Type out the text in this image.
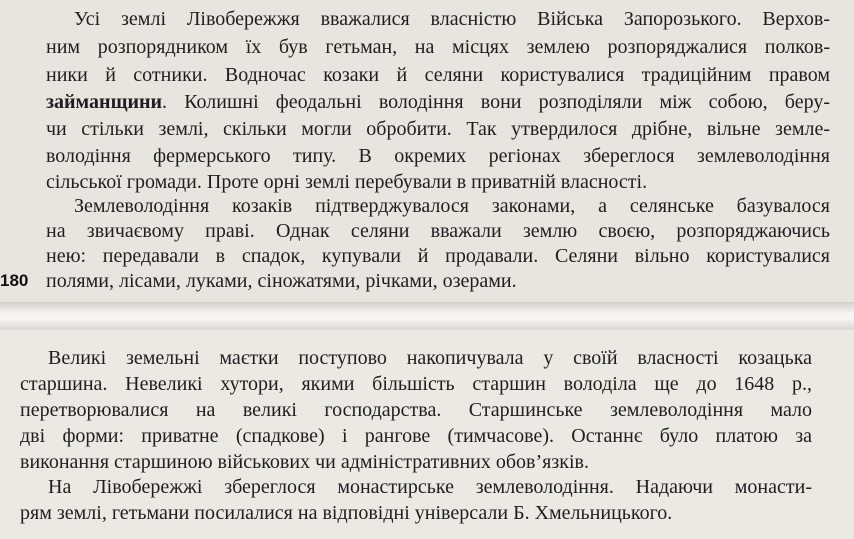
Усі землі Лівобережжя вважалися власністю Війська Запорозького. Верхов-
ним розпорядником їх був гетьман, на місцях землею розпоряджалися полков-
ники й сотники. Водночас козаки й селяни користувалися традиційним правом
займанщини. Колишні феодальні володіння вони розподіляли між собою, беру-
чи стільки землі, скільки могли обробити. Так утвердилося дрібне, вільне земле-
володіння фермерського типу. В окремих регіонах збереглося землеволодіння
сільської громади. Проте орні землі перебували в приватній власності.
Землеволодіння козаків підтверджувалося законами, а селянське базувалося
на звичаєвому праві. Однак селяни вважали землю своєю, розпоряджаючись
нею: передавали в спадок, купували й продавали. Селяни вільно користувалися
полями, лісами, луками, сіножатями, річками, озерами.
180
Великі земельні маєтки поступово накопичувала у своїй власності козацька
старшина. Невеликі хутори, якими більшість старшин володіла ще до 1648 р.,
перетворювалися на великі господарства. Старшинське землеволодіння мало
дві форми: приватне (спадкове) і рангове (тимчасове). Останнє було платою за
виконання старшиною військових чи адміністративних обов’язків.
На Лівобережжі збереглося монастирське землеволодіння. Надаючи монасти-
рям землі, гетьмани посилалися на відповідні універсали Б. Хмельницького.
